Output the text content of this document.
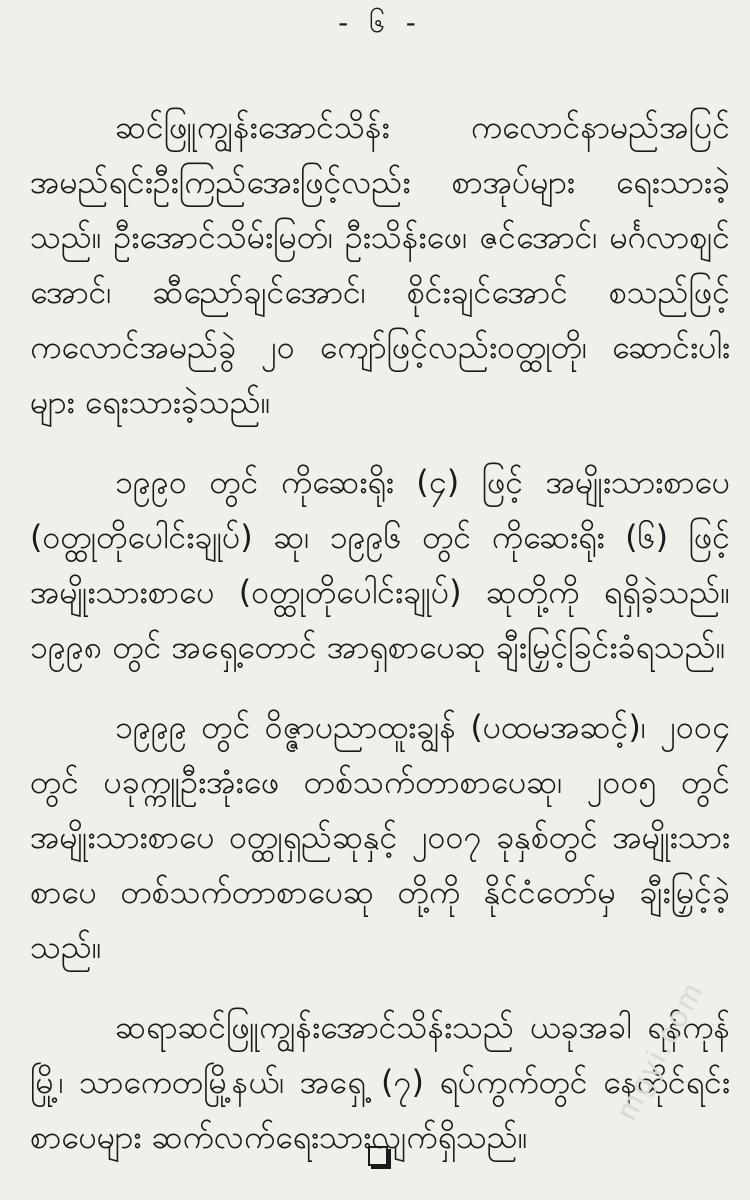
- ၆ -

ဆင်ဖြူကျွန်းအောင်သိန်း ကလောင်နာမည်အပြင် အမည်ရင်းဦးကြည်အေးဖြင့်လည်း စာအုပ်များ ရေးသားခဲ့သည်။ ဦးအောင်သိမ်းမြတ်၊ ဦးသိန်းဖေ၊ ဇင်အောင်၊ မင်္ဂလာစျင်အောင်၊ ဆီညော်ချင်အောင်၊ စိုင်းချင်အောင် စသည်ဖြင့် ကလောင်အမည်ခွဲ ၂၀ ကျော်ဖြင့်လည်းဝတ္ထုတို၊ ဆောင်းပါးများ ရေးသားခဲ့သည်။

၁၉၉၀ တွင် ကိုဆေးရိုး (၄) ဖြင့် အမျိုးသားစာပေ (ဝတ္ထုတိုပေါင်းချုပ်) ဆု၊ ၁၉၉၆ တွင် ကိုဆေးရိုး (၆) ဖြင့် အမျိုးသားစာပေ (ဝတ္ထုတိုပေါင်းချုပ်) ဆုတို့ကို ရရှိခဲ့သည်။ ၁၉၉၈ တွင် အရှေ့တောင် အာရှစာပေဆု ချီးမြှင့်ခြင်းခံရသည်။

၁၉၉၉ တွင် ဝိဇ္ဇာပညာထူးချွန် (ပထမအဆင့်)၊ ၂၀၀၄ တွင် ပခုက္ကူဦးအုံးဖေ တစ်သက်တာစာပေဆု၊ ၂၀၀၅ တွင် အမျိုးသားစာပေ ဝတ္ထုရှည်ဆုနှင့် ၂၀၀၇ ခုနှစ်တွင် အမျိုးသားစာပေ တစ်သက်တာစာပေဆု တို့ကို နိုင်ငံတော်မှ ချီးမြှင့်ခဲ့သည်။

ဆရာဆင်ဖြူကျွန်းအောင်သိန်းသည် ယခုအခါ ရန်ကုန်မြို့၊ သာကေတမြို့နယ်၊ အရှေ့ (၇) ရပ်ကွက်တွင် နေထိုင်ရင်း စာပေများ ဆက်လက်ရေးသားလျက်ရှိသည်။

mgyi.com
